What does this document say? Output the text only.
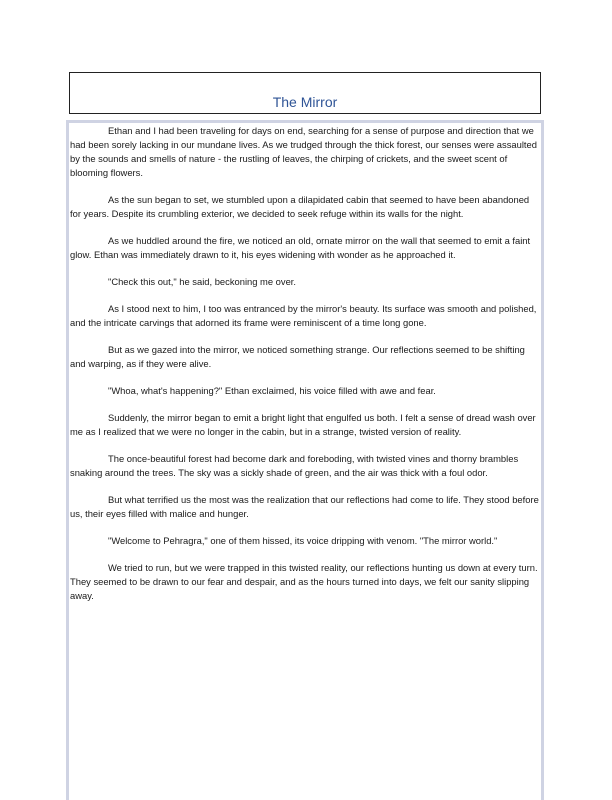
The Mirror

Ethan and I had been traveling for days on end, searching for a sense of purpose and direction that we had been sorely lacking in our mundane lives. As we trudged through the thick forest, our senses were assaulted by the sounds and smells of nature - the rustling of leaves, the chirping of crickets, and the sweet scent of blooming flowers.

As the sun began to set, we stumbled upon a dilapidated cabin that seemed to have been abandoned for years. Despite its crumbling exterior, we decided to seek refuge within its walls for the night.

As we huddled around the fire, we noticed an old, ornate mirror on the wall that seemed to emit a faint glow. Ethan was immediately drawn to it, his eyes widening with wonder as he approached it.

"Check this out," he said, beckoning me over.

As I stood next to him, I too was entranced by the mirror's beauty. Its surface was smooth and polished, and the intricate carvings that adorned its frame were reminiscent of a time long gone.

But as we gazed into the mirror, we noticed something strange. Our reflections seemed to be shifting and warping, as if they were alive.

"Whoa, what's happening?" Ethan exclaimed, his voice filled with awe and fear.

Suddenly, the mirror began to emit a bright light that engulfed us both. I felt a sense of dread wash over me as I realized that we were no longer in the cabin, but in a strange, twisted version of reality.

The once-beautiful forest had become dark and foreboding, with twisted vines and thorny brambles snaking around the trees. The sky was a sickly shade of green, and the air was thick with a foul odor.

But what terrified us the most was the realization that our reflections had come to life. They stood before us, their eyes filled with malice and hunger.

"Welcome to Pehragra," one of them hissed, its voice dripping with venom. "The mirror world."

We tried to run, but we were trapped in this twisted reality, our reflections hunting us down at every turn. They seemed to be drawn to our fear and despair, and as the hours turned into days, we felt our sanity slipping away.
